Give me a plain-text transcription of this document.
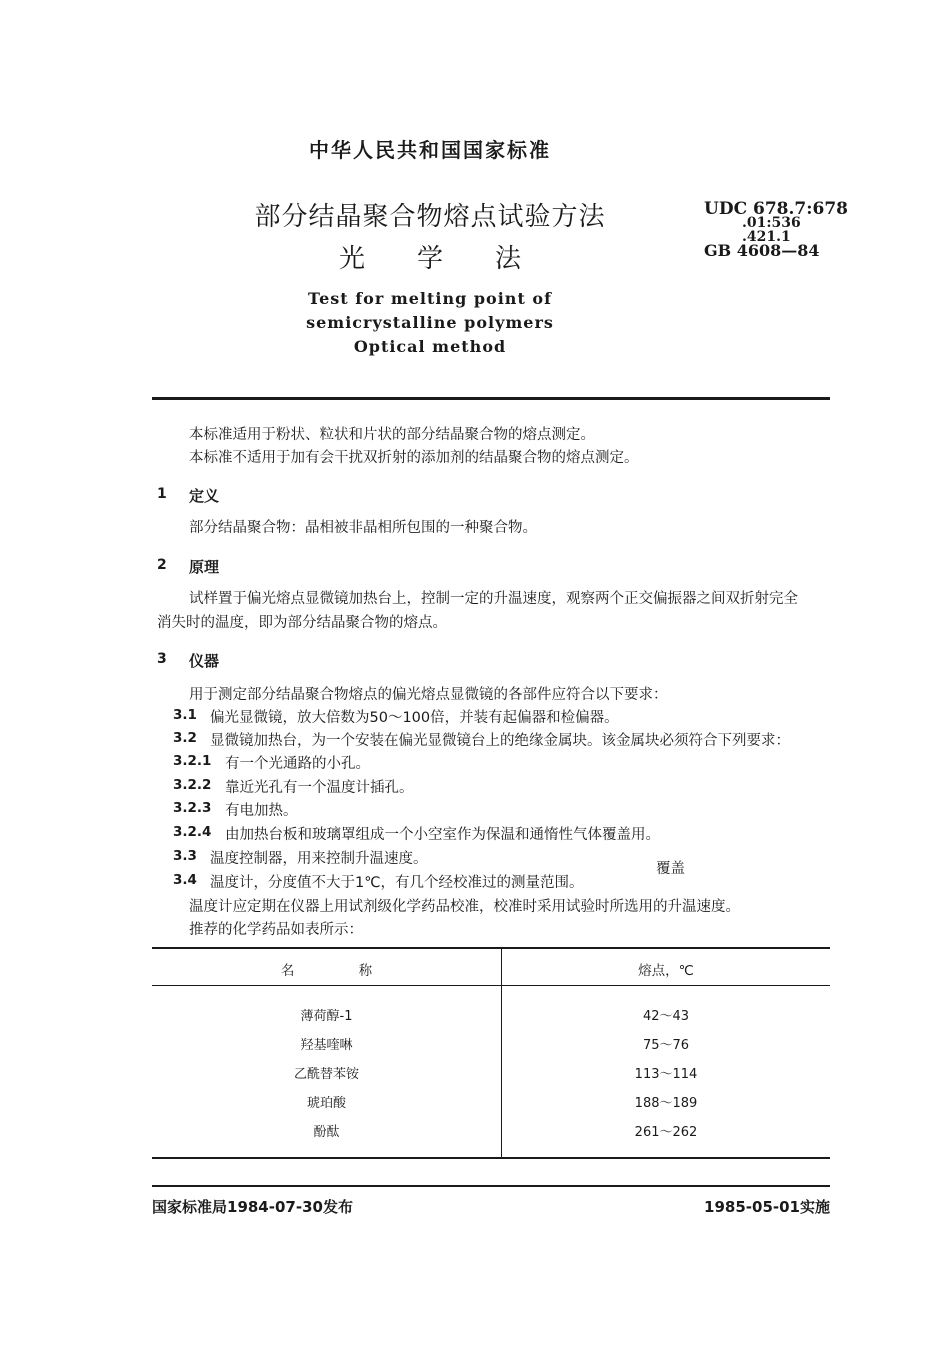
中华人民共和国国家标准
部分结晶聚合物熔点试验方法
光学法
Test for melting point of
semicrystalline polymers
Optical method
UDC 678.7:678
.01:536
.421.1
GB 4608—84
本标准适用于粉状、粒状和片状的部分结晶聚合物的熔点测定。
本标准不适用于加有会干扰双折射的添加剂的结晶聚合物的熔点测定。
1 定义
部分结晶聚合物：晶相被非晶相所包围的一种聚合物。
2 原理
试样置于偏光熔点显微镜加热台上，控制一定的升温速度，观察两个正交偏振器之间双折射完全
消失时的温度，即为部分结晶聚合物的熔点。
3 仪器
用于测定部分结晶聚合物熔点的偏光熔点显微镜的各部件应符合以下要求：
3.1 偏光显微镜，放大倍数为50～100倍，并装有起偏器和检偏器。
3.2 显微镜加热台，为一个安装在偏光显微镜台上的绝缘金属块。该金属块必须符合下列要求：
3.2.1 有一个光通路的小孔。
3.2.2 靠近光孔有一个温度计插孔。
3.2.3 有电加热。
3.2.4 由加热台板和玻璃罩组成一个小空室作为保温和通惰性气体覆盖用。
3.3 温度控制器，用来控制升温速度。
覆盖
3.4 温度计，分度值不大于1℃，有几个经校准过的测量范围。
温度计应定期在仪器上用试剂级化学药品校准，校准时采用试验时所选用的升温速度。
推荐的化学药品如表所示：
名 称	熔点，℃
薄荷醇-1	42～43
羟基喹啉	75～76
乙酰替苯铵	113～114
琥珀酸	188～189
酚酞	261～262
国家标准局1984-07-30发布	1985-05-01实施
